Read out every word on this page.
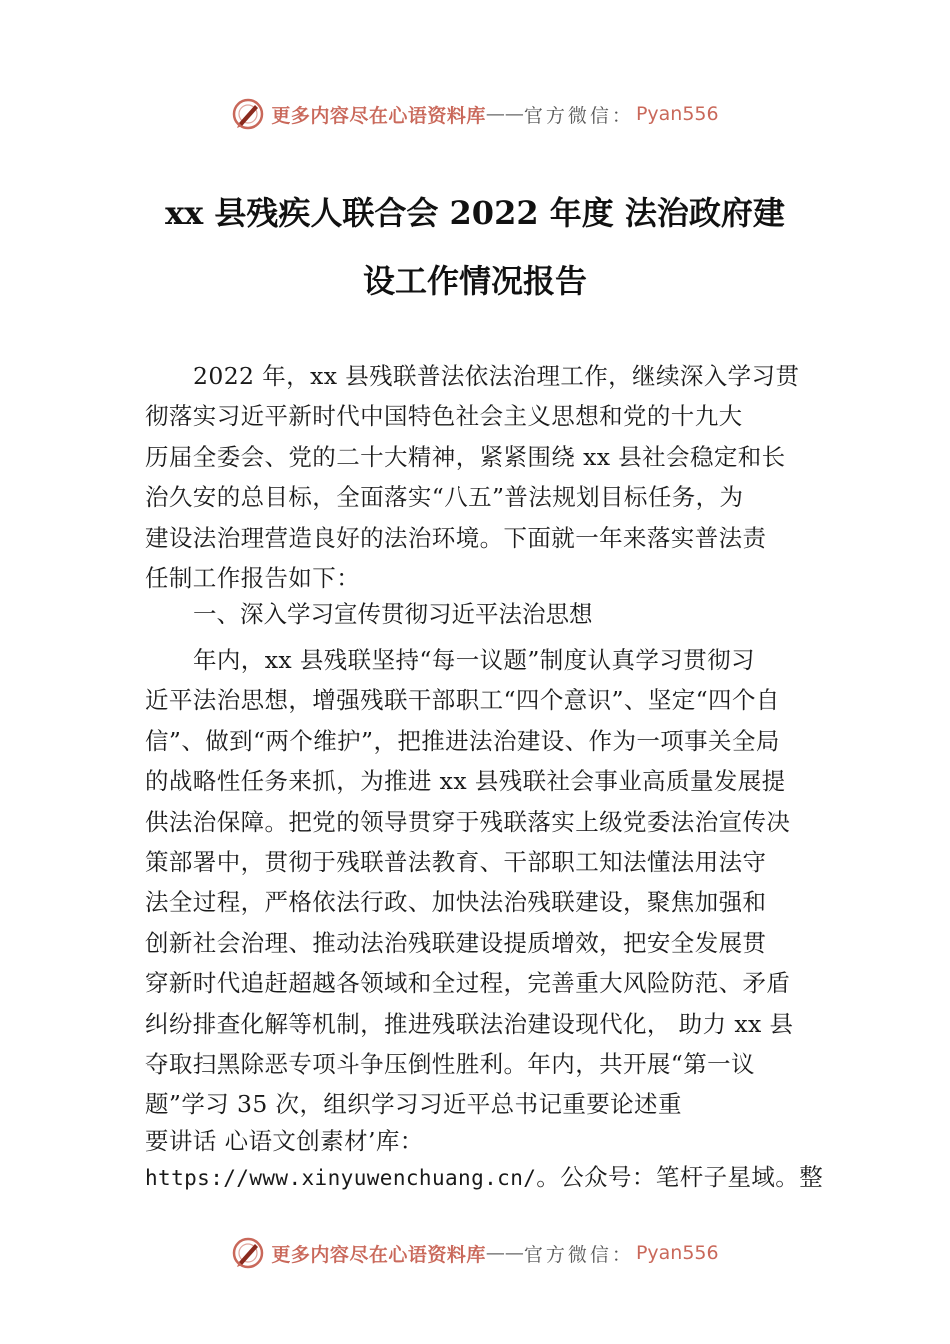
更多内容尽在心语资料库 —— 官方微信： Pyan556
xx 县残疾人联合会 2022 年度 法治政府建
设工作情况报告

2022 年，xx 县残联普法依法治理工作，继续深入学习贯
彻落实习近平新时代中国特色社会主义思想和党的十九大
历届全委会、党的二十大精神，紧紧围绕 xx 县社会稳定和长
治久安的总目标，全面落实“八五”普法规划目标任务，为
建设法治理营造良好的法治环境。下面就一年来落实普法责
任制工作报告如下：

一、深入学习宣传贯彻习近平法治思想

年内，xx 县残联坚持“每一议题”制度认真学习贯彻习
近平法治思想，增强残联干部职工“四个意识”、坚定“四个自
信”、做到“两个维护”，把推进法治建设、作为一项事关全局
的战略性任务来抓，为推进 xx 县残联社会事业高质量发展提
供法治保障。把党的领导贯穿于残联落实上级党委法治宣传决
策部署中，贯彻于残联普法教育、干部职工知法懂法用法守
法全过程，严格依法行政、加快法治残联建设，聚焦加强和
创新社会治理、推动法治残联建设提质增效，把安全发展贯
穿新时代追赶超越各领域和全过程，完善重大风险防范、矛盾
纠纷排查化解等机制，推进残联法治建设现代化， 助力 xx 县
夺取扫黑除恶专项斗争压倒性胜利。年内，共开展“第一议
题”学习 35 次，组织学习习近平总书记重要论述重

要讲话 心语文创素材’库：

https://www.xinyuwenchuang.cn/。公众号：笔杆子星域。整

更多内容尽在心语资料库 —— 官方微信： Pyan556
